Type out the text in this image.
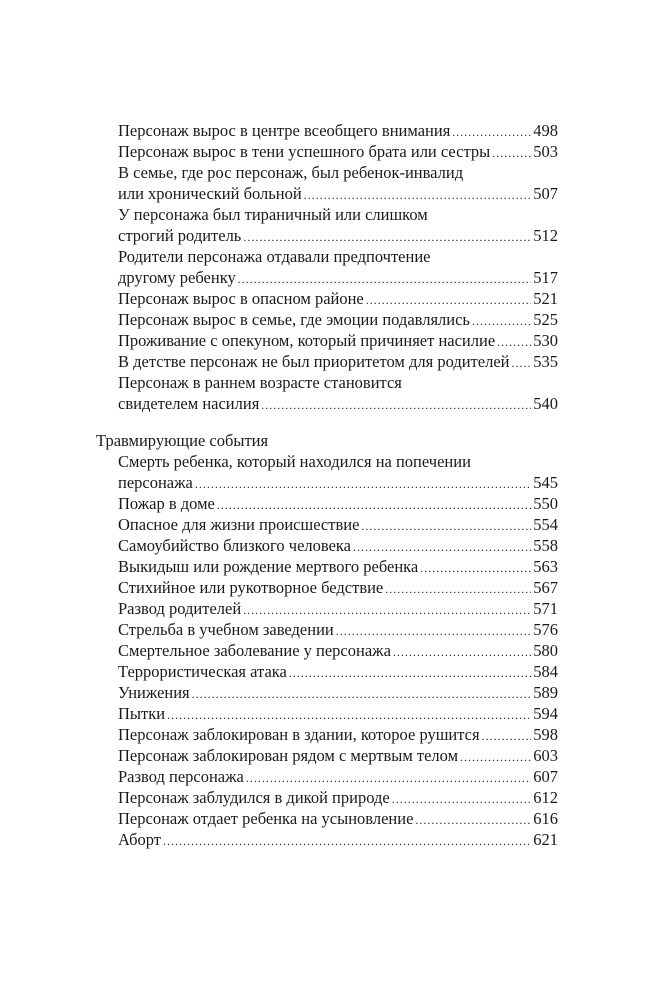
Персонаж вырос в центре всеобщего внимания .....	498
Персонаж вырос в тени успешного брата или сестры .....	503
В семье, где рос персонаж, был ребенок-инвалид
или хронический больной .....	507
У персонажа был тираничный или слишком
строгий родитель .....	512
Родители персонажа отдавали предпочтение
другому ребенку .....	517
Персонаж вырос в опасном районе .....	521
Персонаж вырос в семье, где эмоции подавлялись .....	525
Проживание с опекуном, который причиняет насилие ..... 530
В детстве персонаж не был приоритетом для родителей ..... 535
Персонаж в раннем возрасте становится
свидетелем насилия .....	540
Травмирующие события
Смерть ребенка, который находился на попечении
персонажа .....	545
Пожар в доме .....	550
Опасное для жизни происшествие .....	554
Самоубийство близкого человека .....	558
Выкидыш или рождение мертвого ребенка .....	563
Стихийное или рукотворное бедствие .....	567
Развод родителей .....	571
Стрельба в учебном заведении .....	576
Смертельное заболевание у персонажа .....	580
Террористическая атака .....	584
Унижения .....	589
Пытки .....	594
Персонаж заблокирован в здании, которое рушится .....	598
Персонаж заблокирован рядом с мертвым телом .....	603
Развод персонажа .....	607
Персонаж заблудился в дикой природе .....	612
Персонаж отдает ребенка на усыновление .....	616
Аборт .....	621
